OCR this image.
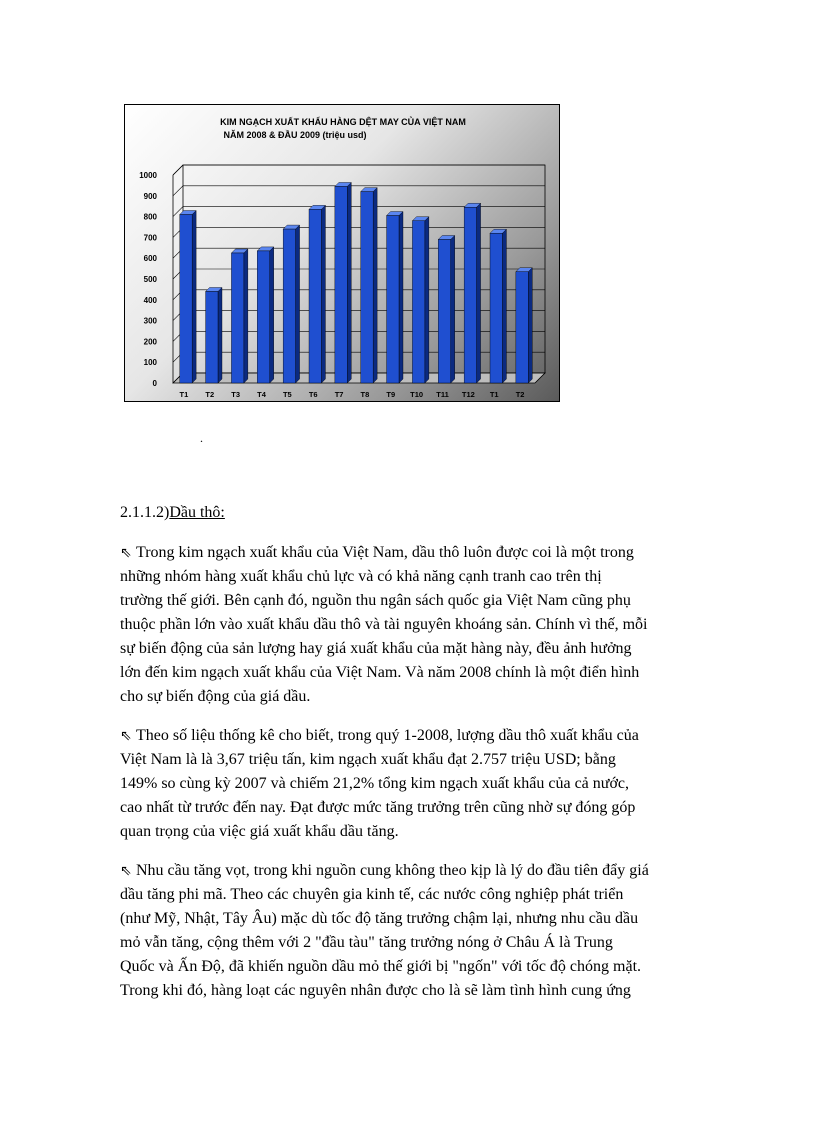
KIM NGẠCH XUẤT KHẨU HÀNG DỆT MAY CỦA VIỆT NAM
NĂM 2008 & ĐẦU 2009 (triệu usd)
0
100
200
300
400
500
600
700
800
900
1000
T1 T2 T3 T4 T5 T6 T7 T8 T9 T10 T11 T12 T1 T2
.
2.1.1.2)Dầu thô:
⇖ Trong kim ngạch xuất khẩu của Việt Nam, dầu thô luôn được coi là một trong
những nhóm hàng xuất khẩu chủ lực và có khả năng cạnh tranh cao trên thị
trường thế giới. Bên cạnh đó, nguồn thu ngân sách quốc gia Việt Nam cũng phụ
thuộc phần lớn vào xuất khẩu dầu thô và tài nguyên khoáng sản. Chính vì thế, mỗi
sự biến động của sản lượng hay giá xuất khẩu của mặt hàng này, đều ảnh hưởng
lớn đến kim ngạch xuất khẩu của Việt Nam. Và năm 2008 chính là một điển hình
cho sự biến động của giá dầu.
⇖ Theo số liệu thống kê cho biết, trong quý 1-2008, lượng dầu thô xuất khẩu của
Việt Nam là là 3,67 triệu tấn, kim ngạch xuất khẩu đạt 2.757 triệu USD; bằng
149% so cùng kỳ 2007 và chiếm 21,2% tổng kim ngạch xuất khẩu của cả nước,
cao nhất từ trước đến nay. Đạt được mức tăng trưởng trên cũng nhờ sự đóng góp
quan trọng của việc giá xuất khẩu dầu tăng.
⇖ Nhu cầu tăng vọt, trong khi nguồn cung không theo kịp là lý do đầu tiên đẩy giá
dầu tăng phi mã. Theo các chuyên gia kinh tế, các nước công nghiệp phát triển
(như Mỹ, Nhật, Tây Âu) mặc dù tốc độ tăng trưởng chậm lại, nhưng nhu cầu dầu
mỏ vẫn tăng, cộng thêm với 2 "đầu tàu" tăng trưởng nóng ở Châu Á là Trung
Quốc và Ấn Độ, đã khiến nguồn dầu mỏ thế giới bị "ngốn" với tốc độ chóng mặt.
Trong khi đó, hàng loạt các nguyên nhân được cho là sẽ làm tình hình cung ứng
